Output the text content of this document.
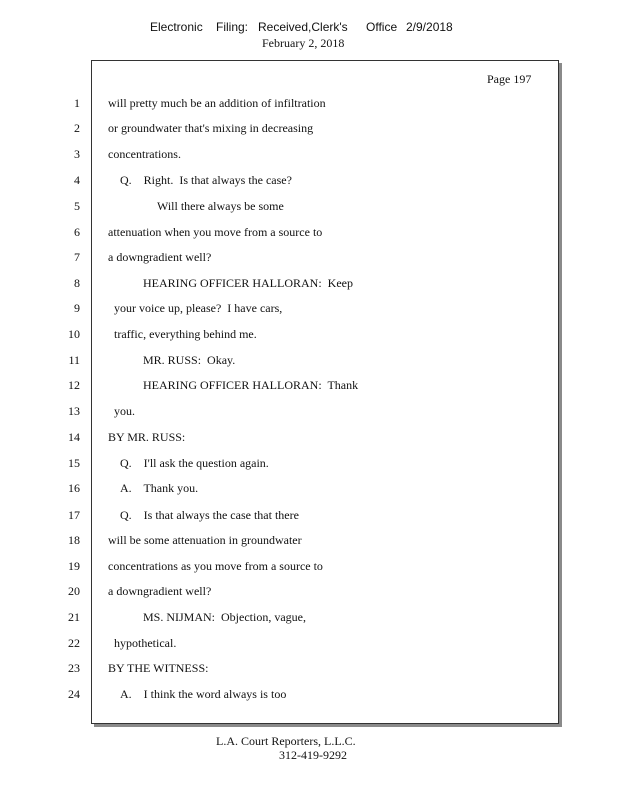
Electronic Filing: Received,Clerk's Office 2/9/2018
February 2, 2018
Page 197
1 will pretty much be an addition of infiltration
2 or groundwater that's mixing in decreasing
3 concentrations.
4	Q.    Right.  Is that always the case?
5	Will there always be some
6 attenuation when you move from a source to
7 a downgradient well?
8	HEARING OFFICER HALLORAN:  Keep
9	your voice up, please?  I have cars,
10	traffic, everything behind me.
11	MR. RUSS:  Okay.
12	HEARING OFFICER HALLORAN:  Thank
13	you.
14 BY MR. RUSS:
15	Q.    I'll ask the question again.
16	A.    Thank you.
17	Q.    Is that always the case that there
18 will be some attenuation in groundwater
19 concentrations as you move from a source to
20 a downgradient well?
21	MS. NIJMAN:  Objection, vague,
22	hypothetical.
23 BY THE WITNESS:
24	A.    I think the word always is too
L.A. Court Reporters, L.L.C.
312-419-9292
